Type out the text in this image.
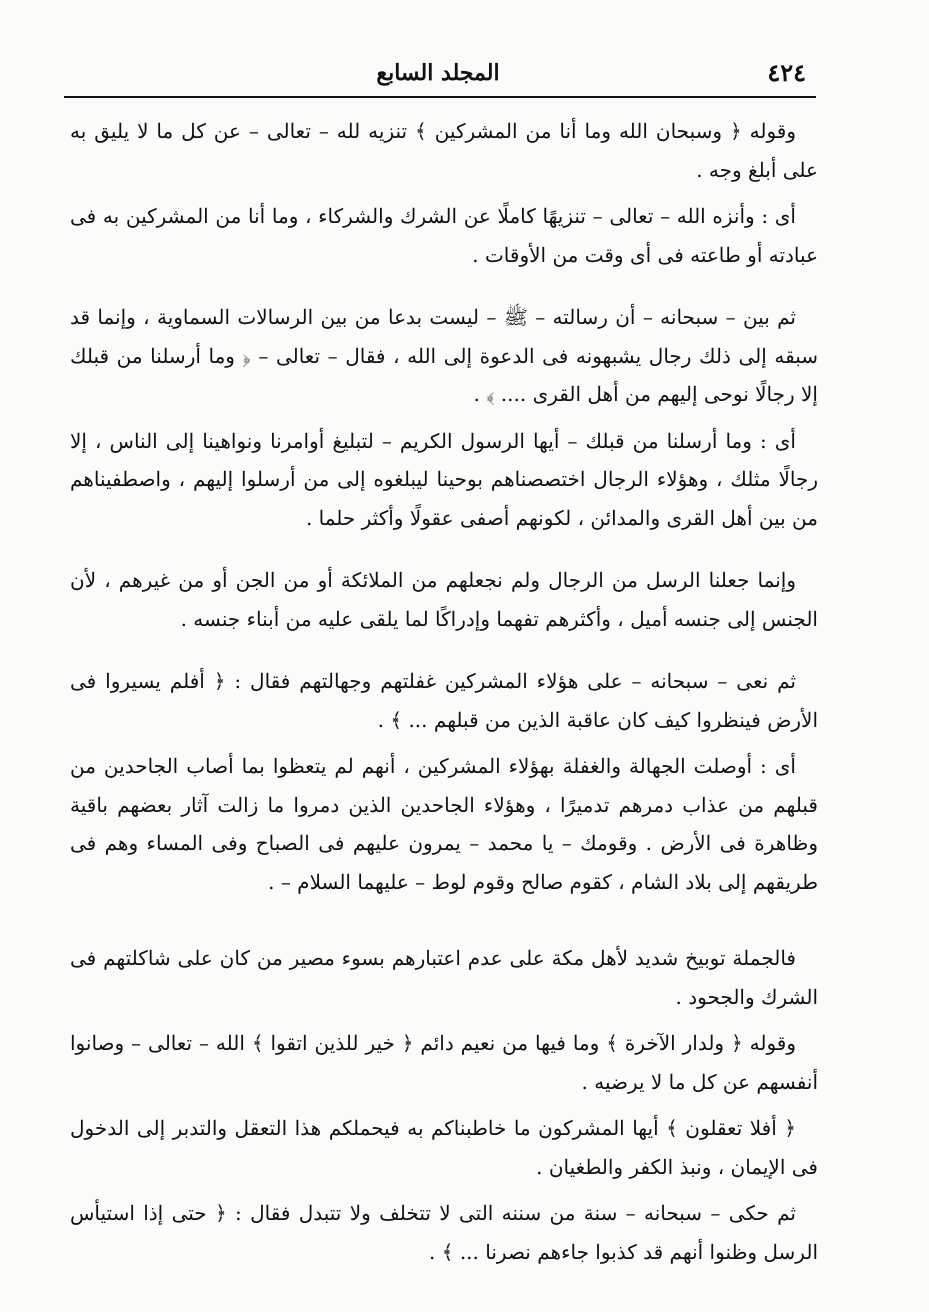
٤٢٤
المجلد السابع

وقوله ﴿ وسبحان الله وما أنا من المشركين ﴾ تنزيه لله – تعالى – عن كل ما لا يليق به على أبلغ وجه .

أى : وأنزه الله – تعالى – تنزيهًا كاملًا عن الشرك والشركاء ، وما أنا من المشركين به فى عبادته أو طاعته فى أى وقت من الأوقات .

ثم بين – سبحانه – أن رسالته – ﷺ – ليست بدعا من بين الرسالات السماوية ، وإنما قد سبقه إلى ذلك رجال يشبهونه فى الدعوة إلى الله ، فقال – تعالى – ﴿ وما أرسلنا من قبلك إلا رجالًا نوحى إليهم من أهل القرى .... ﴾ .

أى : وما أرسلنا من قبلك – أيها الرسول الكريم – لتبليغ أوامرنا ونواهينا إلى الناس ، إلا رجالًا مثلك ، وهؤلاء الرجال اختصصناهم بوحينا ليبلغوه إلى من أرسلوا إليهم ، واصطفيناهم من بين أهل القرى والمدائن ، لكونهم أصفى عقولًا وأكثر حلما .

وإنما جعلنا الرسل من الرجال ولم نجعلهم من الملائكة أو من الجن أو من غيرهم ، لأن الجنس إلى جنسه أميل ، وأكثرهم تفهما وإدراكًا لما يلقى عليه من أبناء جنسه .

ثم نعى – سبحانه – على هؤلاء المشركين غفلتهم وجهالتهم فقال : ﴿ أفلم يسيروا فى الأرض فينظروا كيف كان عاقبة الذين من قبلهم ... ﴾ .

أى : أوصلت الجهالة والغفلة بهؤلاء المشركين ، أنهم لم يتعظوا بما أصاب الجاحدين من قبلهم من عذاب دمرهم تدميرًا ، وهؤلاء الجاحدين الذين دمروا ما زالت آثار بعضهم باقية وظاهرة فى الأرض . وقومك – يا محمد – يمرون عليهم فى الصباح وفى المساء وهم فى طريقهم إلى بلاد الشام ، كقوم صالح وقوم لوط – عليهما السلام – .

فالجملة توبيخ شديد لأهل مكة على عدم اعتبارهم بسوء مصير من كان على شاكلتهم فى الشرك والجحود .

وقوله ﴿ ولدار الآخرة ﴾ وما فيها من نعيم دائم ﴿ خير للذين اتقوا ﴾ الله – تعالى – وصانوا أنفسهم عن كل ما لا يرضيه .

﴿ أفلا تعقلون ﴾ أيها المشركون ما خاطبناكم به فيحملكم هذا التعقل والتدبر إلى الدخول فى الإيمان ، ونبذ الكفر والطغيان .

ثم حكى – سبحانه – سنة من سننه التى لا تتخلف ولا تتبدل فقال : ﴿ حتى إذا استيأس الرسل وظنوا أنهم قد كذبوا جاءهم نصرنا ... ﴾ .
